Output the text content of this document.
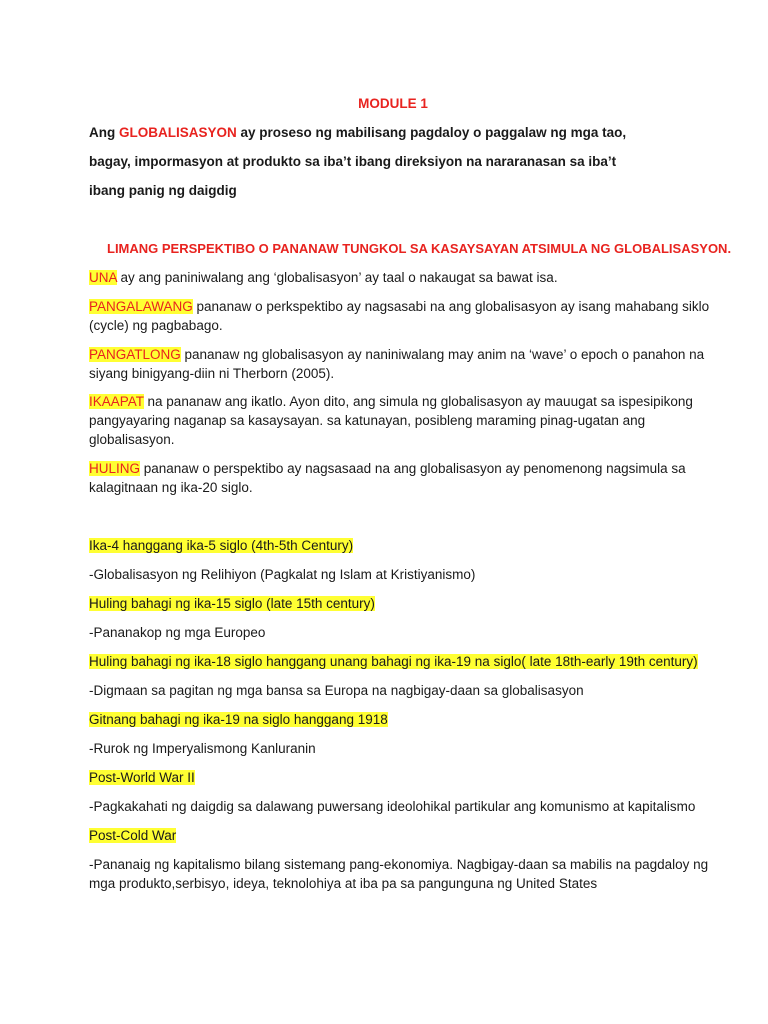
MODULE 1
Ang GLOBALISASYON ay proseso ng mabilisang pagdaloy o paggalaw ng mga tao,
bagay, impormasyon at produkto sa iba’t ibang direksiyon na nararanasan sa iba’t
ibang panig ng daigdig
LIMANG PERSPEKTIBO O PANANAW TUNGKOL SA KASAYSAYAN ATSIMULA NG GLOBALISASYON.
UNA ay ang paniniwalang ang ‘globalisasyon’ ay taal o nakaugat sa bawat isa.
PANGALAWANG pananaw o perkspektibo ay nagsasabi na ang globalisasyon ay isang mahabang siklo
(cycle) ng pagbabago.
PANGATLONG pananaw ng globalisasyon ay naniniwalang may anim na ‘wave’ o epoch o panahon na
siyang binigyang-diin ni Therborn (2005).
IKAAPAT na pananaw ang ikatlo. Ayon dito, ang simula ng globalisasyon ay mauugat sa ispesipikong
pangyayaring naganap sa kasaysayan. sa katunayan, posibleng maraming pinag-ugatan ang
globalisasyon.
HULING pananaw o perspektibo ay nagsasaad na ang globalisasyon ay penomenong nagsimula sa
kalagitnaan ng ika-20 siglo.
Ika-4 hanggang ika-5 siglo (4th-5th Century)
-Globalisasyon ng Relihiyon (Pagkalat ng Islam at Kristiyanismo)
Huling bahagi ng ika-15 siglo (late 15th century)
-Pananakop ng mga Europeo
Huling bahagi ng ika-18 siglo hanggang unang bahagi ng ika-19 na siglo( late 18th-early 19th century)
-Digmaan sa pagitan ng mga bansa sa Europa na nagbigay-daan sa globalisasyon
Gitnang bahagi ng ika-19 na siglo hanggang 1918
-Rurok ng Imperyalismong Kanluranin
Post-World War II
-Pagkakahati ng daigdig sa dalawang puwersang ideolohikal partikular ang komunismo at kapitalismo
Post-Cold War
-Pananaig ng kapitalismo bilang sistemang pang-ekonomiya. Nagbigay-daan sa mabilis na pagdaloy ng
mga produkto,serbisyo, ideya, teknolohiya at iba pa sa pangunguna ng United States
